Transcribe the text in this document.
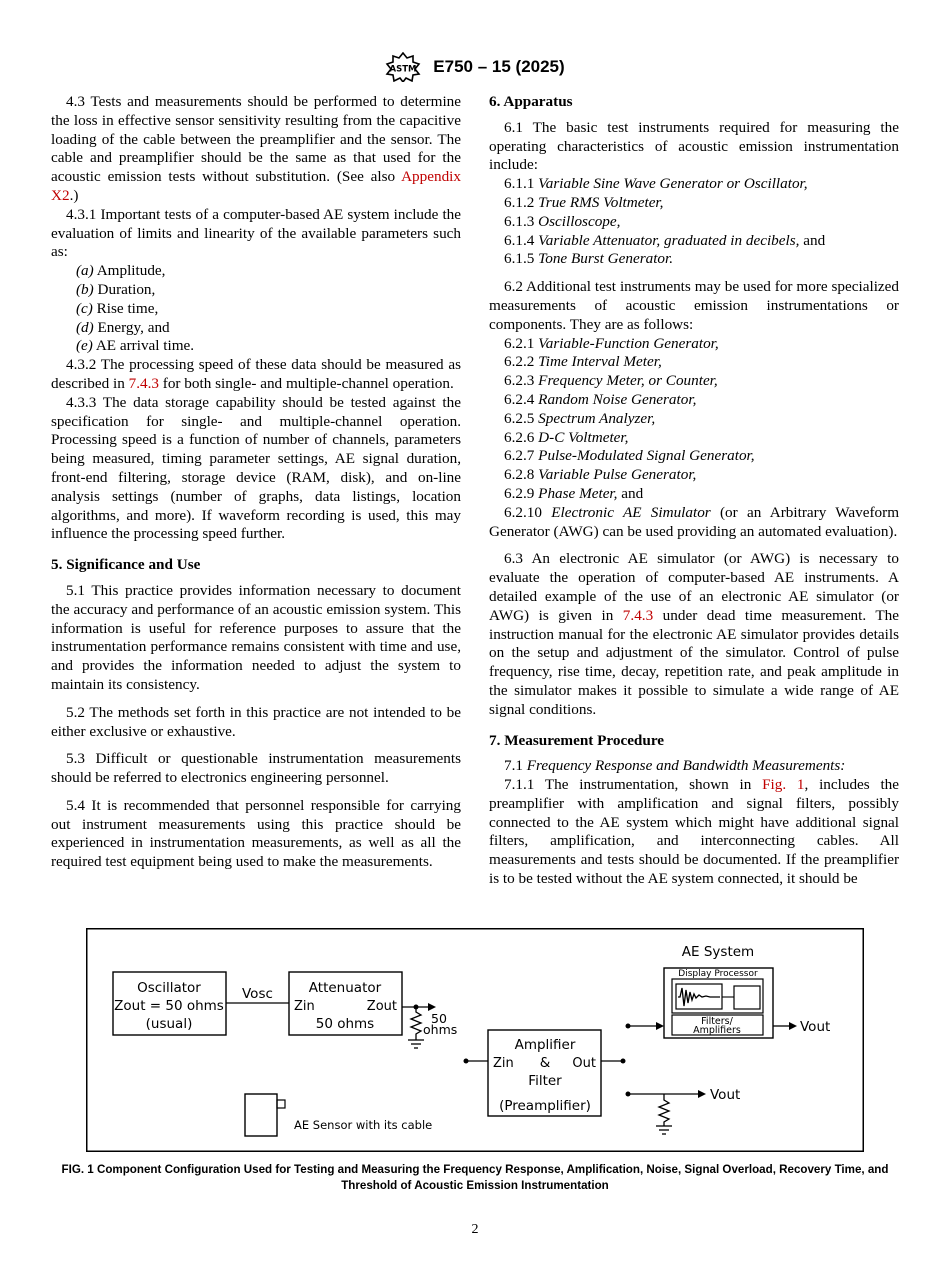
ASTM E750 – 15 (2025)

4.3 Tests and measurements should be performed to determine the loss in effective sensor sensitivity resulting from the capacitive loading of the cable between the preamplifier and the sensor. The cable and preamplifier should be the same as that used for the acoustic emission tests without substitution. (See also Appendix X2.)

4.3.1 Important tests of a computer-based AE system include the evaluation of limits and linearity of the available parameters such as:

(a) Amplitude,

(b) Duration,

(c) Rise time,

(d) Energy, and

(e) AE arrival time.

4.3.2 The processing speed of these data should be measured as described in 7.4.3 for both single- and multiple-channel operation.

4.3.3 The data storage capability should be tested against the specification for single- and multiple-channel operation. Processing speed is a function of number of channels, parameters being measured, timing parameter settings, AE signal duration, front-end filtering, storage device (RAM, disk), and on-line analysis settings (number of graphs, data listings, location algorithms, and more). If waveform recording is used, this may influence the processing speed further.

5. Significance and Use

5.1 This practice provides information necessary to document the accuracy and performance of an acoustic emission system. This information is useful for reference purposes to assure that the instrumentation performance remains consistent with time and use, and provides the information needed to adjust the system to maintain its consistency.

5.2 The methods set forth in this practice are not intended to be either exclusive or exhaustive.

5.3 Difficult or questionable instrumentation measurements should be referred to electronics engineering personnel.

5.4 It is recommended that personnel responsible for carrying out instrument measurements using this practice should be experienced in instrumentation measurements, as well as all the required test equipment being used to make the measurements.

6. Apparatus

6.1 The basic test instruments required for measuring the operating characteristics of acoustic emission instrumentation include:

6.1.1 Variable Sine Wave Generator or Oscillator,

6.1.2 True RMS Voltmeter,

6.1.3 Oscilloscope,

6.1.4 Variable Attenuator, graduated in decibels, and

6.1.5 Tone Burst Generator.

6.2 Additional test instruments may be used for more specialized measurements of acoustic emission instrumentations or components. They are as follows:

6.2.1 Variable-Function Generator,

6.2.2 Time Interval Meter,

6.2.3 Frequency Meter, or Counter,

6.2.4 Random Noise Generator,

6.2.5 Spectrum Analyzer,

6.2.6 D-C Voltmeter,

6.2.7 Pulse-Modulated Signal Generator,

6.2.8 Variable Pulse Generator,

6.2.9 Phase Meter, and

6.2.10 Electronic AE Simulator (or an Arbitrary Waveform Generator (AWG) can be used providing an automated evaluation).

6.3 An electronic AE simulator (or AWG) is necessary to evaluate the operation of computer-based AE instruments. A detailed example of the use of an electronic AE simulator (or AWG) is given in 7.4.3 under dead time measurement. The instruction manual for the electronic AE simulator provides details on the setup and adjustment of the simulator. Control of pulse frequency, rise time, decay, repetition rate, and peak amplitude in the simulator makes it possible to simulate a wide range of AE signal conditions.

7. Measurement Procedure

7.1 Frequency Response and Bandwidth Measurements:

7.1.1 The instrumentation, shown in Fig. 1, includes the preamplifier with amplification and signal filters, possibly connected to the AE system which might have additional signal filters, amplification, and interconnecting cables. All measurements and tests should be documented. If the preamplifier is to be tested without the AE system connected, it should be

Oscillator
Zout = 50 ohms
(usual)
Vosc	Attenuator
Zin	Zout
50 ohms	50
ohms
Amplifier
Zin & Out
Filter
(Preamplifier)
AE System
Display Processor
Filters/
Amplifiers	Vout
Vout
AE Sensor with its cable
FIG. 1 Component Configuration Used for Testing and Measuring the Frequency Response, Amplification, Noise, Signal Overload, Recovery Time, and Threshold of Acoustic Emission Instrumentation
2
